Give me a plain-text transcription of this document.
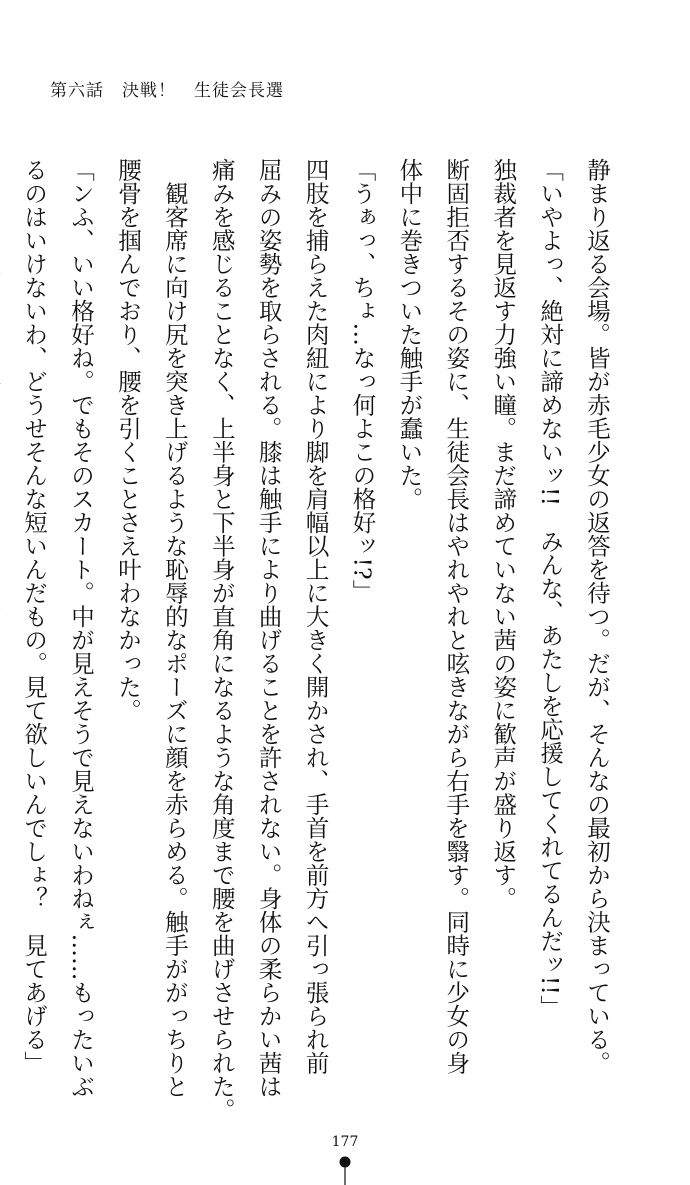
第六話　決戦！　生徒会長選

静まり返る会場。皆が赤毛少女の返答を待つ。だが、そんなの最初から決まっている。

「いやよっ、絶対に諦めないッ!!　みんな、あたしを応援してくれてるんだッ!!」

独裁者を見返す力強い瞳。まだ諦めていない茜の姿に歓声が盛り返す。

断固拒否するその姿に、生徒会長はやれやれと呟きながら右手を翳す。同時に少女の身

体中に巻きついた触手が蠢いた。

「うぁっ、ちょ…なっ何よこの格好ッ!?」

四肢を捕らえた肉紐により脚を肩幅以上に大きく開かされ、手首を前方へ引っ張られ前

屈みの姿勢を取らされる。膝は触手により曲げることを許されない。身体の柔らかい茜は

痛みを感じることなく、上半身と下半身が直角になるような角度まで腰を曲げさせられた。

　観客席に向け尻を突き上げるような恥辱的なポーズに顔を赤らめる。触手ががっちりと

腰骨を掴んでおり、腰を引くことさえ叶わなかった。

「ンふ、いい格好ね。でもそのスカート。中が見えそうで見えないわねぇ……もったいぶ

るのはいけないわ、どうせそんな短いんだもの。見て欲しいんでしょ？　見てあげる」

177
